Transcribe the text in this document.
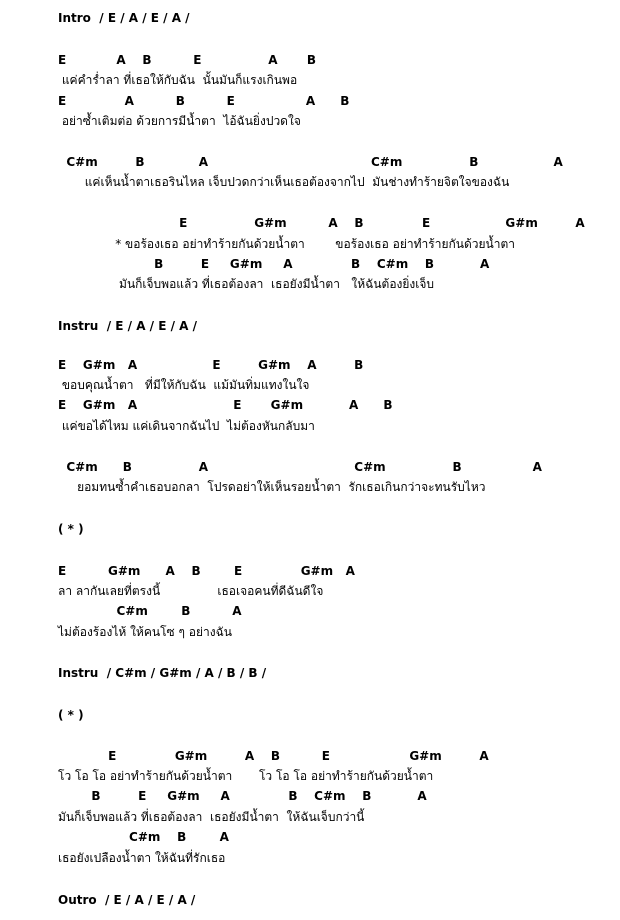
Intro  / E / A / E / A /
E            A    B          E                A       B
แค่คำร่ำลา ที่เธอให้กับฉัน  นั้นมันก็แรงเกินพอ
E              A          B          E                 A      B
อย่าซ้ำเติมต่อ ด้วยการมีน้ำตา  ไอ้ฉันยิ่งปวดใจ
C#m         B             A                                       C#m                B                  A
แค่เห็นน้ำตาเธอรินไหล เจ็บปวดกว่าเห็นเธอต้องจากไป  มันช่างทำร้ายจิตใจของฉัน
E                G#m          A    B              E                  G#m         A
* ขอร้องเธอ อย่าทำร้ายกันด้วยน้ำตา        ขอร้องเธอ อย่าทำร้ายกันด้วยน้ำตา
B         E     G#m     A              B    C#m    B           A
มันก็เจ็บพอแล้ว ที่เธอต้องลา  เธอยังมีน้ำตา   ให้ฉันต้องยิ่งเจ็บ
Instru  / E / A / E / A /
E    G#m   A                  E         G#m    A         B
ขอบคุณน้ำตา   ที่มีให้กับฉัน  แม้มันทิ่มแทงในใจ
E    G#m   A                       E       G#m           A      B
แค่ขอได้ไหม แค่เดินจากฉันไป  ไม่ต้องหันกลับมา
C#m      B                A                                   C#m                B                 A
ยอมทนซ้ำคำเธอบอกลา  โปรดอย่าให้เห็นรอยน้ำตา  รักเธอเกินกว่าจะทนรับไหว
( * )
E          G#m      A    B        E              G#m   A
ลา ลากันเลยที่ตรงนี้               เธอเจอคนที่ดีฉันดีใจ
C#m        B          A
ไม่ต้องร้องไห้ ให้คนโซ ๆ อย่างฉัน
Instru  / C#m / G#m / A / B / B /
( * )
E              G#m         A    B          E                   G#m         A
โว โอ โอ อย่าทำร้ายกันด้วยน้ำตา       โว โอ โอ อย่าทำร้ายกันด้วยน้ำตา
B         E     G#m     A              B    C#m    B           A
มันก็เจ็บพอแล้ว ที่เธอต้องลา  เธอยังมีน้ำตา  ให้ฉันเจ็บกว่านี้
C#m    B        A
เธอยังเปลืองน้ำตา ให้ฉันที่รักเธอ
Outro  / E / A / E / A /
